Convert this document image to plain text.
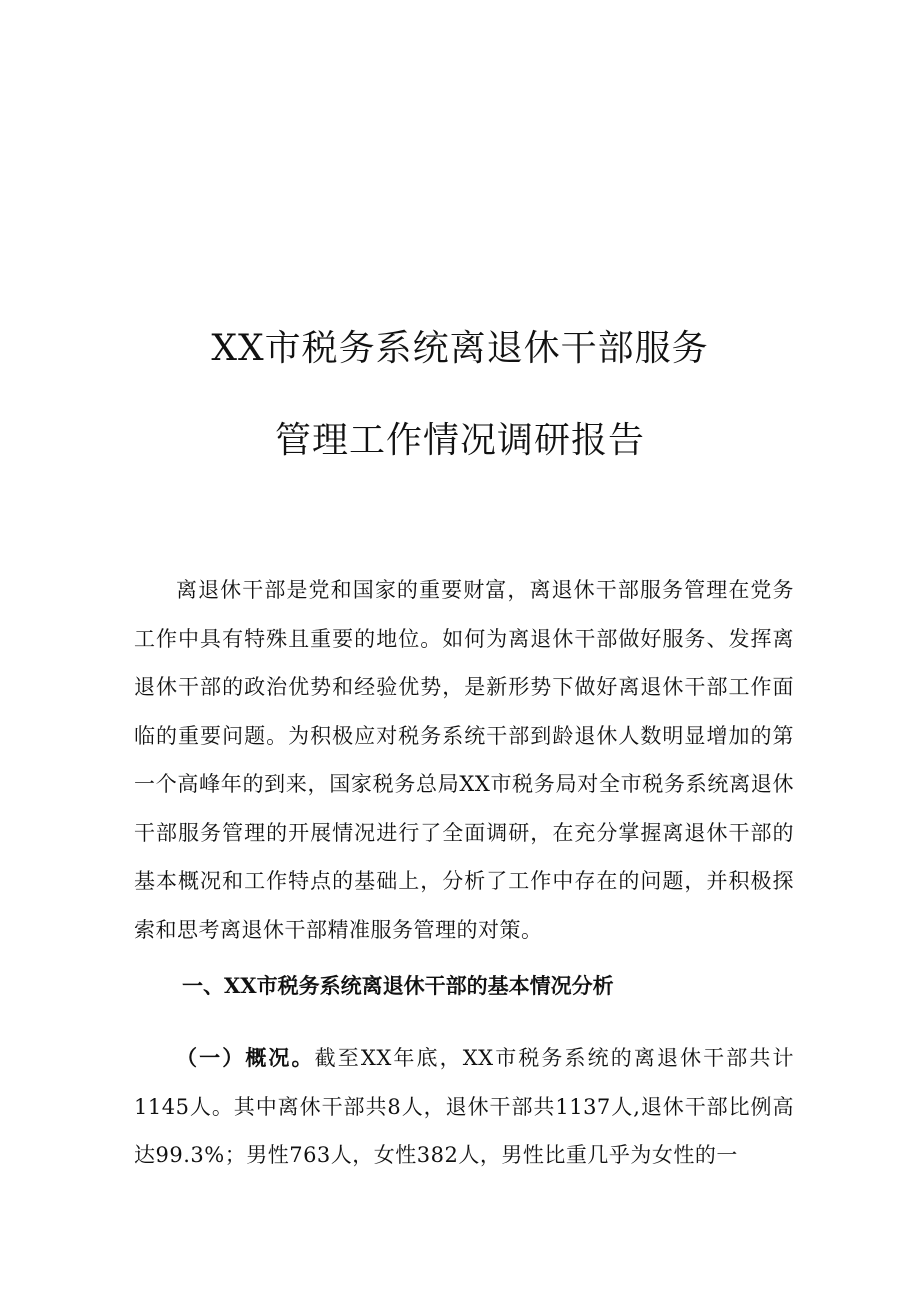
XX市税务系统离退休干部服务
管理工作情况调研报告

离退休干部是党和国家的重要财富，离退休干部服务管理在党务工作中具有特殊且重要的地位。如何为离退休干部做好服务、发挥离退休干部的政治优势和经验优势，是新形势下做好离退休干部工作面临的重要问题。为积极应对税务系统干部到龄退休人数明显增加的第一个高峰年的到来，国家税务总局XX市税务局对全市税务系统离退休干部服务管理的开展情况进行了全面调研，在充分掌握离退休干部的基本概况和工作特点的基础上，分析了工作中存在的问题，并积极探索和思考离退休干部精准服务管理的对策。

一、XX市税务系统离退休干部的基本情况分析

（一）概况。截至XX年底，XX市税务系统的离退休干部共计1145人。其中离休干部共8人，退休干部共1137人,退休干部比例高达99.3%；男性763人，女性382人，男性比重几乎为女性的一
